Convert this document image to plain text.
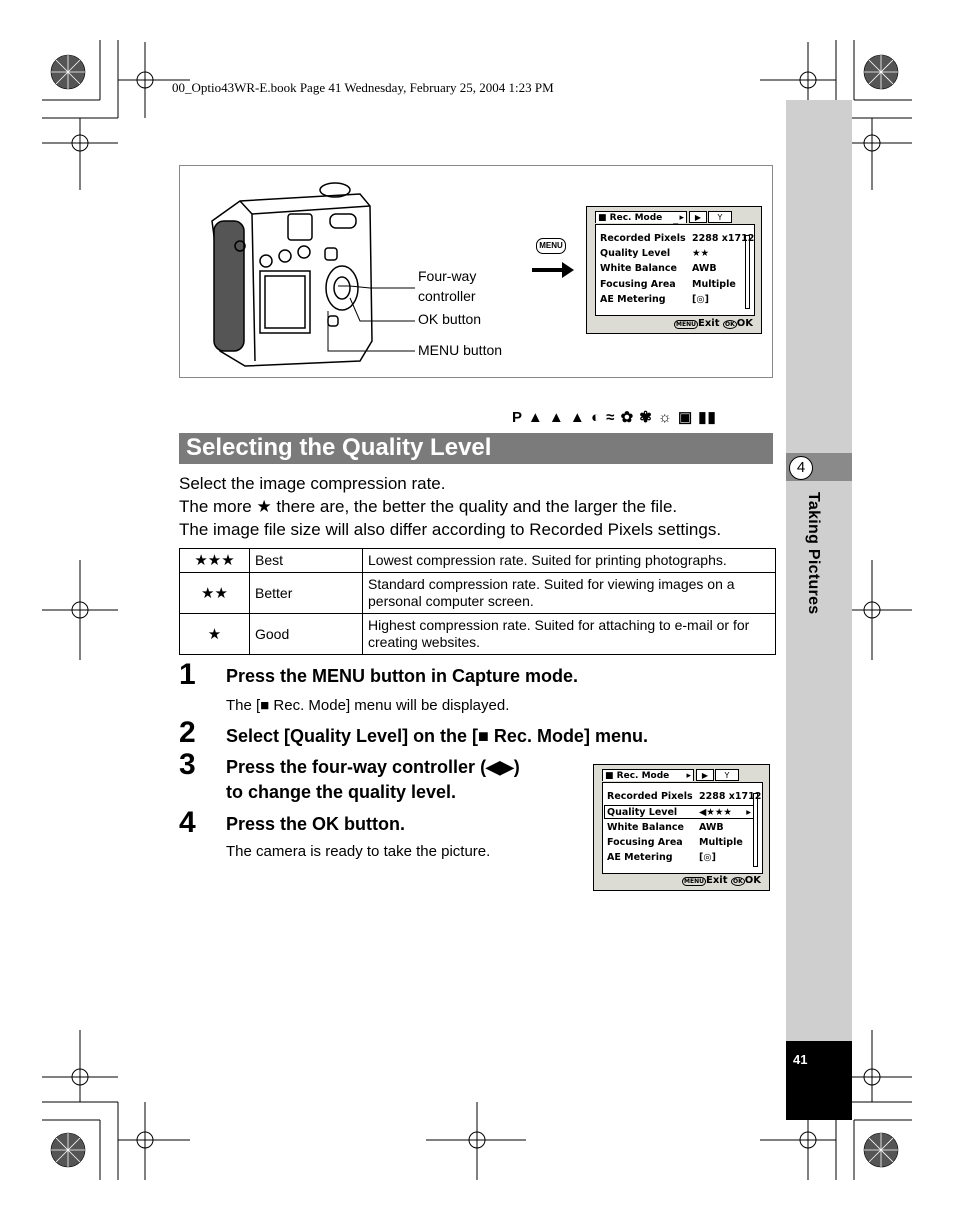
00_Optio43WR-E.book Page 41 Wednesday, February 25, 2004 1:23 PM
4
Taking Pictures
41
Four-way
controller
OK button
MENU button
MENU
■ Rec. Mode ▸	▶	Y
Recorded Pixels 2288 x1712
Quality Level ★★
White Balance AWB
Focusing Area Multiple
AE Metering	[◎]
MENU Exit OK OK
P ▲ ▲ ▲ ◐ ≈ ✿ ✾ ☼ ▣ ▮▮
Selecting the Quality Level
Select the image compression rate.
The more ★ there are, the better the quality and the larger the file.
The image file size will also differ according to Recorded Pixels settings.
★★★	Best	Lowest compression rate. Suited for printing photographs.
★★	Better	Standard compression rate. Suited for viewing images on a personal computer screen.
★	Good	Highest compression rate. Suited for attaching to e-mail or for creating websites.
1 Press the MENU button in Capture mode.
The [■ Rec. Mode] menu will be displayed.
2 Select [Quality Level] on the [■ Rec. Mode] menu.
3 Press the four-way controller (◀▶)
to change the quality level.
4 Press the OK button.
The camera is ready to take the picture.
■ Rec. Mode ▸	▶	Y
Recorded Pixels 2288 x1712
Quality Level ◀★★★ ▸
White Balance AWB
Focusing Area Multiple
AE Metering	[◎]
MENU Exit OK OK
